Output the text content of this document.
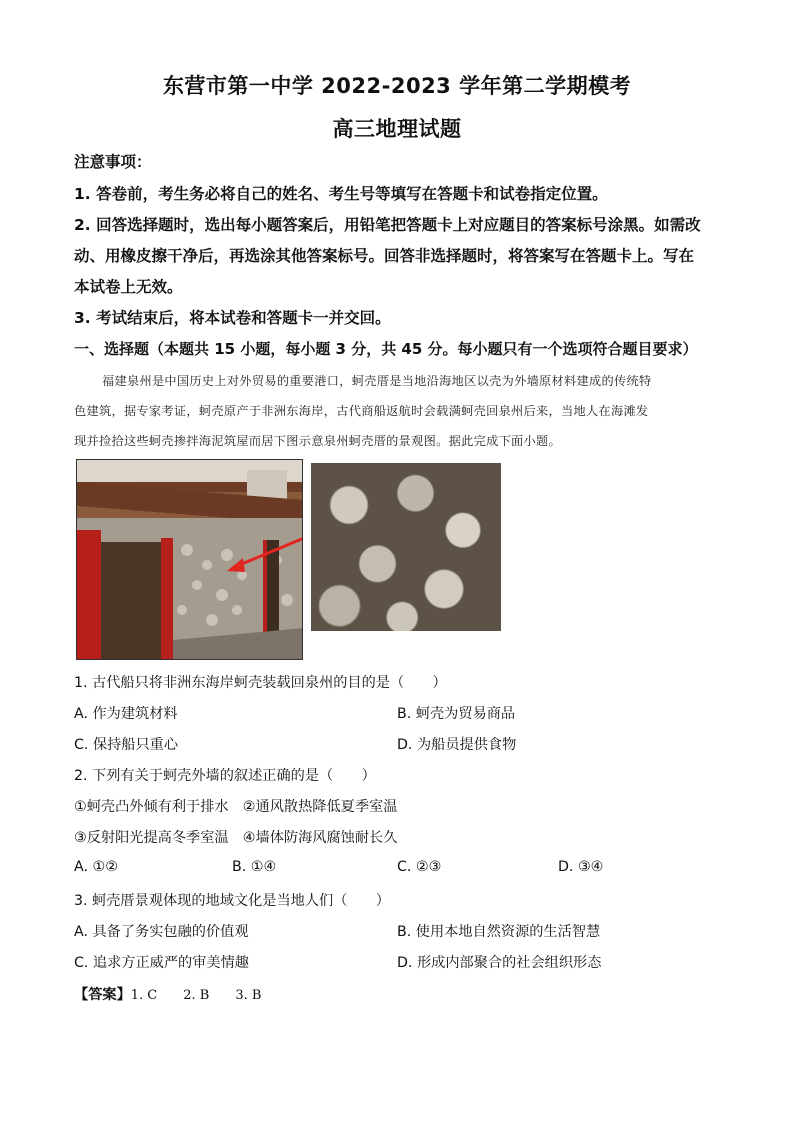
东营市第一中学 2022-2023 学年第二学期模考
高三地理试题
注意事项：
1. 答卷前，考生务必将自己的姓名、考生号等填写在答题卡和试卷指定位置。
2. 回答选择题时，选出每小题答案后，用铅笔把答题卡上对应题目的答案标号涂黑。如需改
动、用橡皮擦干净后，再选涂其他答案标号。回答非选择题时，将答案写在答题卡上。写在
本试卷上无效。
3. 考试结束后，将本试卷和答题卡一并交回。
一、选择题（本题共 15 小题，每小题 3 分，共 45 分。每小题只有一个选项符合题目要求）
福建泉州是中国历史上对外贸易的重要港口，蚵壳厝是当地沿海地区以壳为外墙原材料建成的传统特
色建筑，据专家考证，蚵壳原产于非洲东海岸，古代商船返航时会载满蚵壳回泉州后来，当地人在海滩发
现并捡拾这些蚵壳掺拌海泥筑屋而居下图示意泉州蚵壳厝的景观图。据此完成下面小题。
1. 古代船只将非洲东海岸蚵壳装载回泉州的目的是（　　）
A. 作为建筑材料	B. 蚵壳为贸易商品
C. 保持船只重心	D. 为船员提供食物
2. 下列有关于蚵壳外墙的叙述正确的是（　　）
①蚵壳凸外倾有利于排水　②通风散热降低夏季室温
③反射阳光提高冬季室温　④墙体防海风腐蚀耐长久
A. ①②	B. ①④	C. ②③	D. ③④
3. 蚵壳厝景观体现的地域文化是当地人们（　　）
A. 具备了务实包融的价值观	B. 使用本地自然资源的生活智慧
C. 追求方正威严的审美情趣	D. 形成内部聚合的社会组织形态
【答案】1. C　　2. B　　3. B
